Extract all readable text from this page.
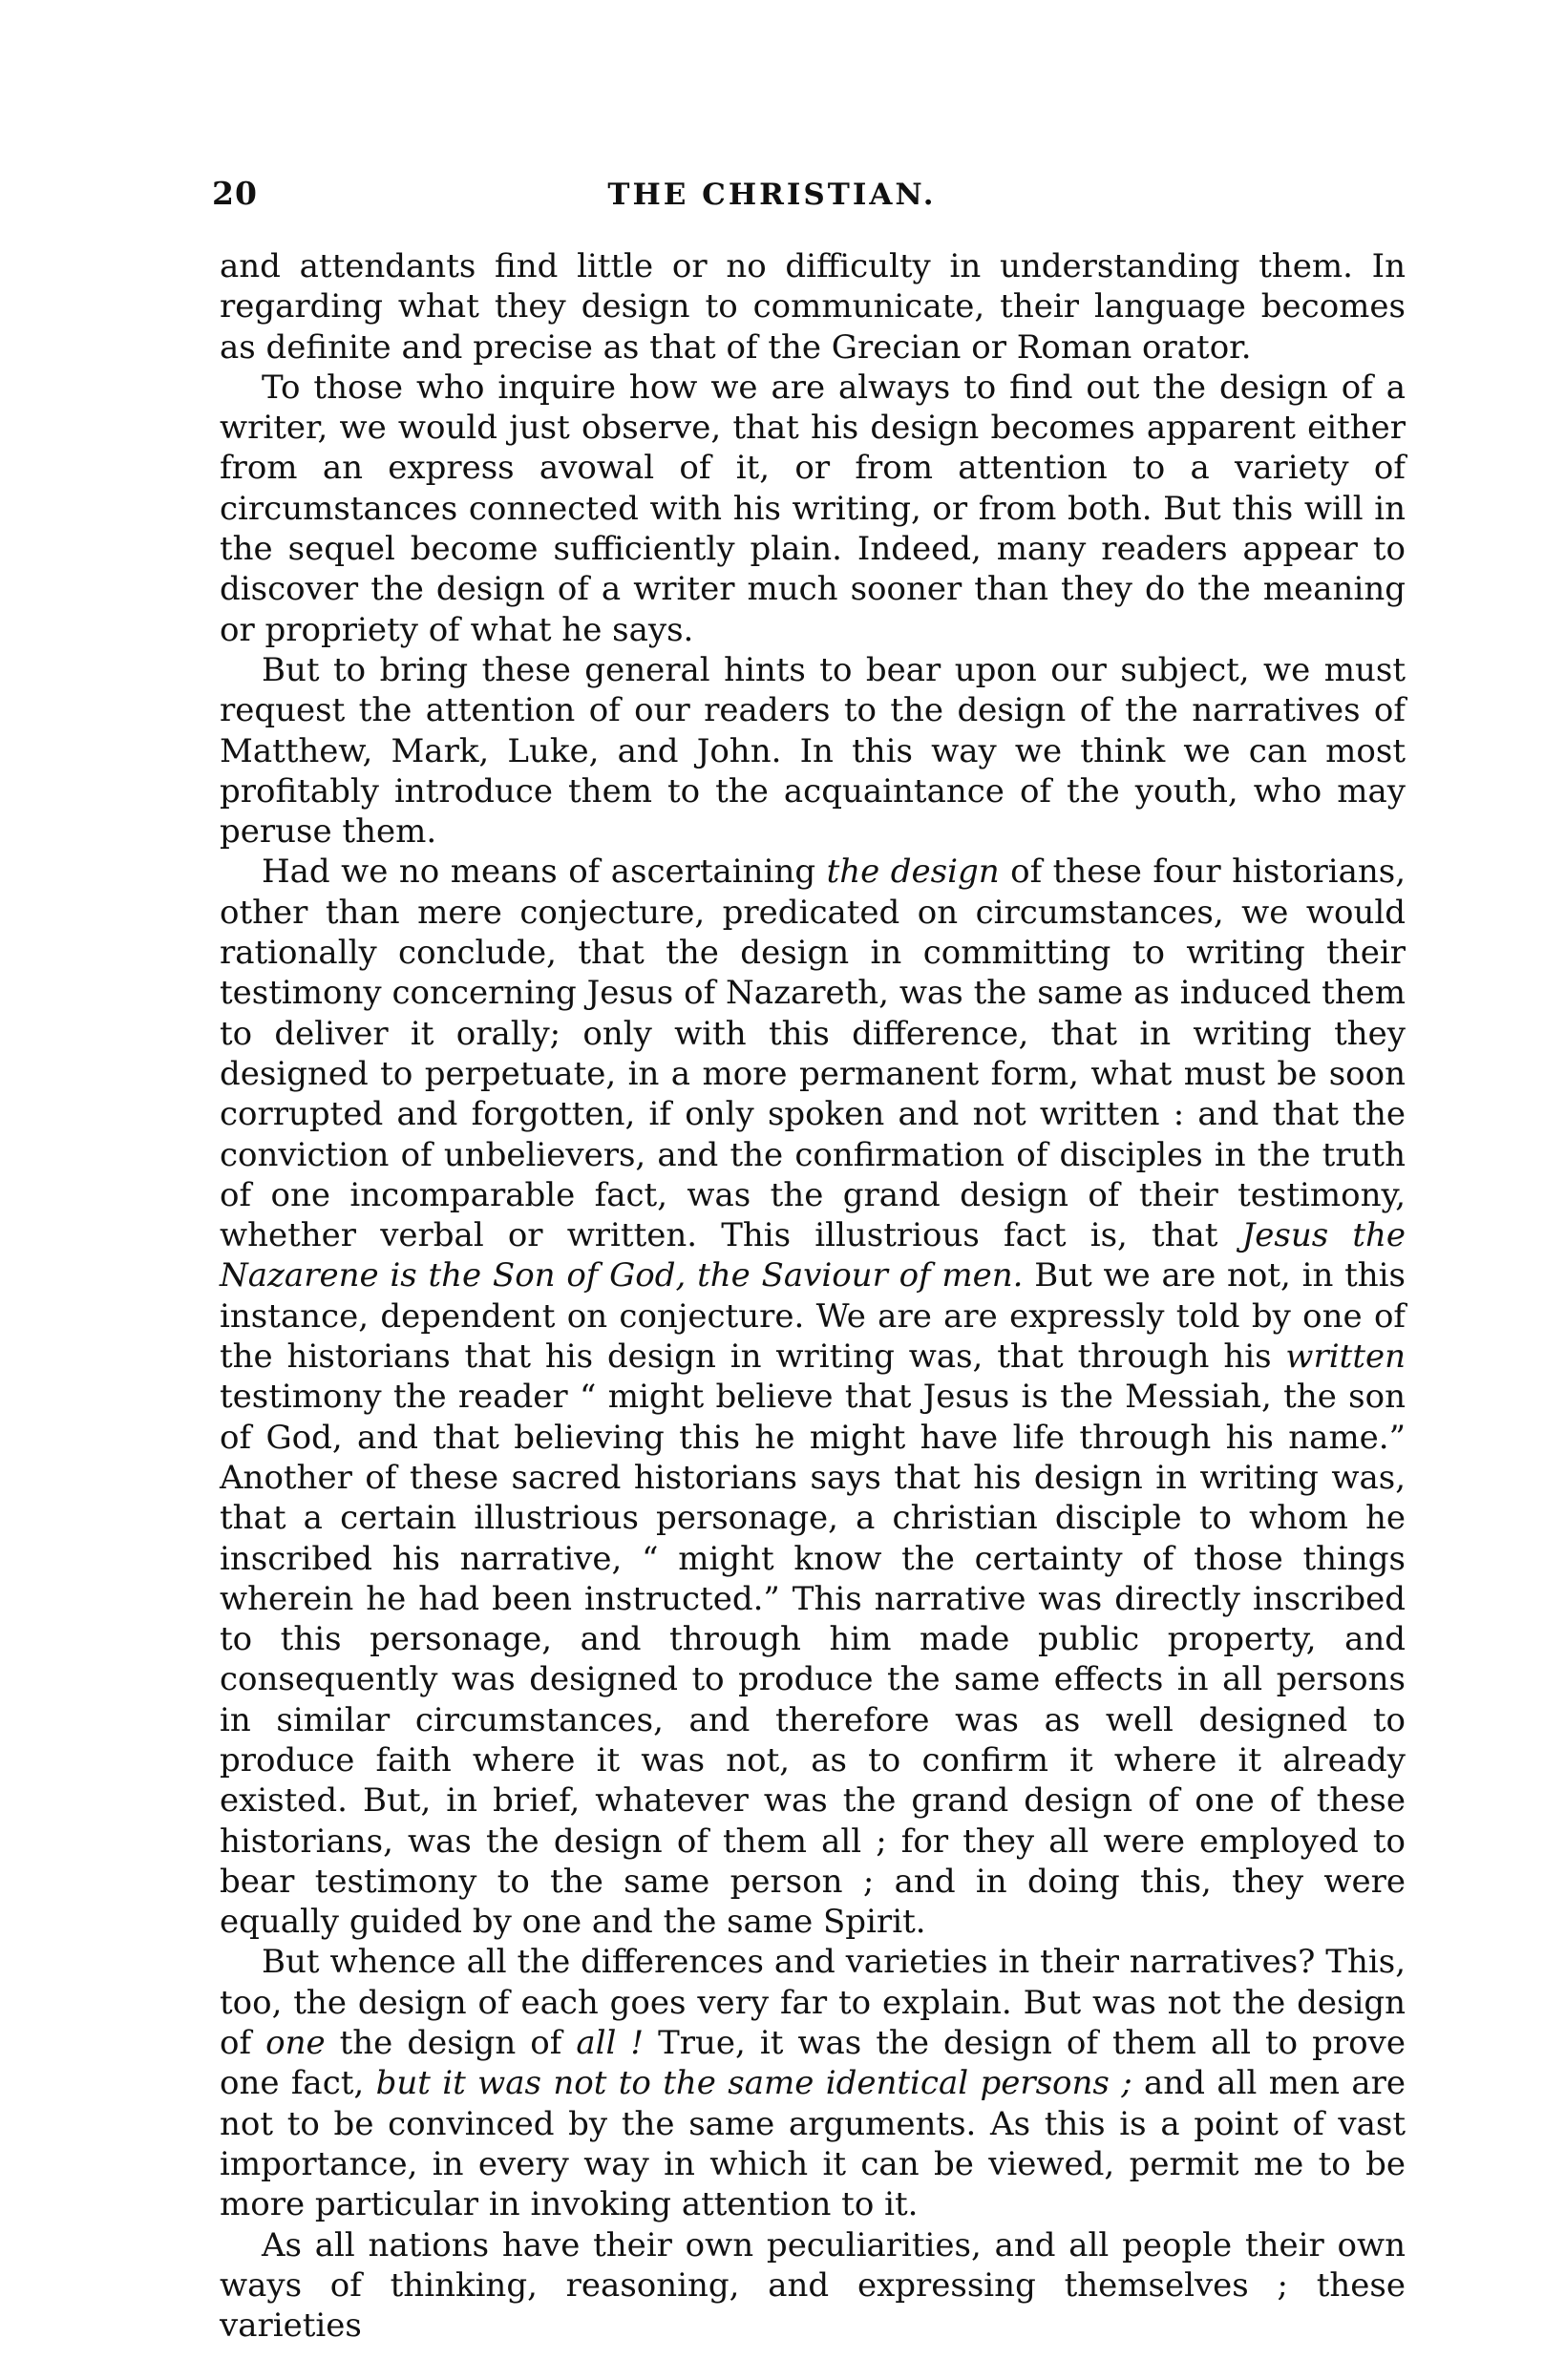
20	THE CHRISTIAN.

and attendants find little or no difficulty in understanding them. In regarding what they design to communicate, their language becomes as definite and precise as that of the Grecian or Roman orator.

To those who inquire how we are always to find out the design of a writer, we would just observe, that his design becomes apparent either from an express avowal of it, or from attention to a variety of circumstances connected with his writing, or from both. But this will in the sequel become sufficiently plain. Indeed, many readers appear to discover the design of a writer much sooner than they do the meaning or propriety of what he says.

But to bring these general hints to bear upon our subject, we must request the attention of our readers to the design of the narratives of Matthew, Mark, Luke, and John. In this way we think we can most profitably introduce them to the acquaintance of the youth, who may peruse them.

Had we no means of ascertaining the design of these four historians, other than mere conjecture, predicated on circumstances, we would rationally conclude, that the design in committing to writing their testimony concerning Jesus of Nazareth, was the same as induced them to deliver it orally; only with this difference, that in writing they designed to perpetuate, in a more permanent form, what must be soon corrupted and forgotten, if only spoken and not written : and that the conviction of unbelievers, and the confirmation of disciples in the truth of one incomparable fact, was the grand design of their testimony, whether verbal or written. This illustrious fact is, that Jesus the Nazarene is the Son of God, the Saviour of men. But we are not, in this instance, dependent on conjecture. We are are expressly told by one of the historians that his design in writing was, that through his written testimony the reader “ might believe that Jesus is the Messiah, the son of God, and that believing this he might have life through his name.” Another of these sacred historians says that his design in writing was, that a certain illustrious personage, a christian disciple to whom he inscribed his narrative, “ might know the certainty of those things wherein he had been instructed.” This narrative was directly inscribed to this personage, and through him made public property, and consequently was designed to produce the same effects in all persons in similar circumstances, and therefore was as well designed to produce faith where it was not, as to confirm it where it already existed. But, in brief, whatever was the grand design of one of these historians, was the design of them all ; for they all were employed to bear testimony to the same person ; and in doing this, they were equally guided by one and the same Spirit.

But whence all the differences and varieties in their narratives? This, too, the design of each goes very far to explain. But was not the design of one the design of all ! True, it was the design of them all to prove one fact, but it was not to the same identical persons ; and all men are not to be convinced by the same arguments. As this is a point of vast importance, in every way in which it can be viewed, permit me to be more particular in invoking attention to it.

As all nations have their own peculiarities, and all people their own ways of thinking, reasoning, and expressing themselves ; these varieties
